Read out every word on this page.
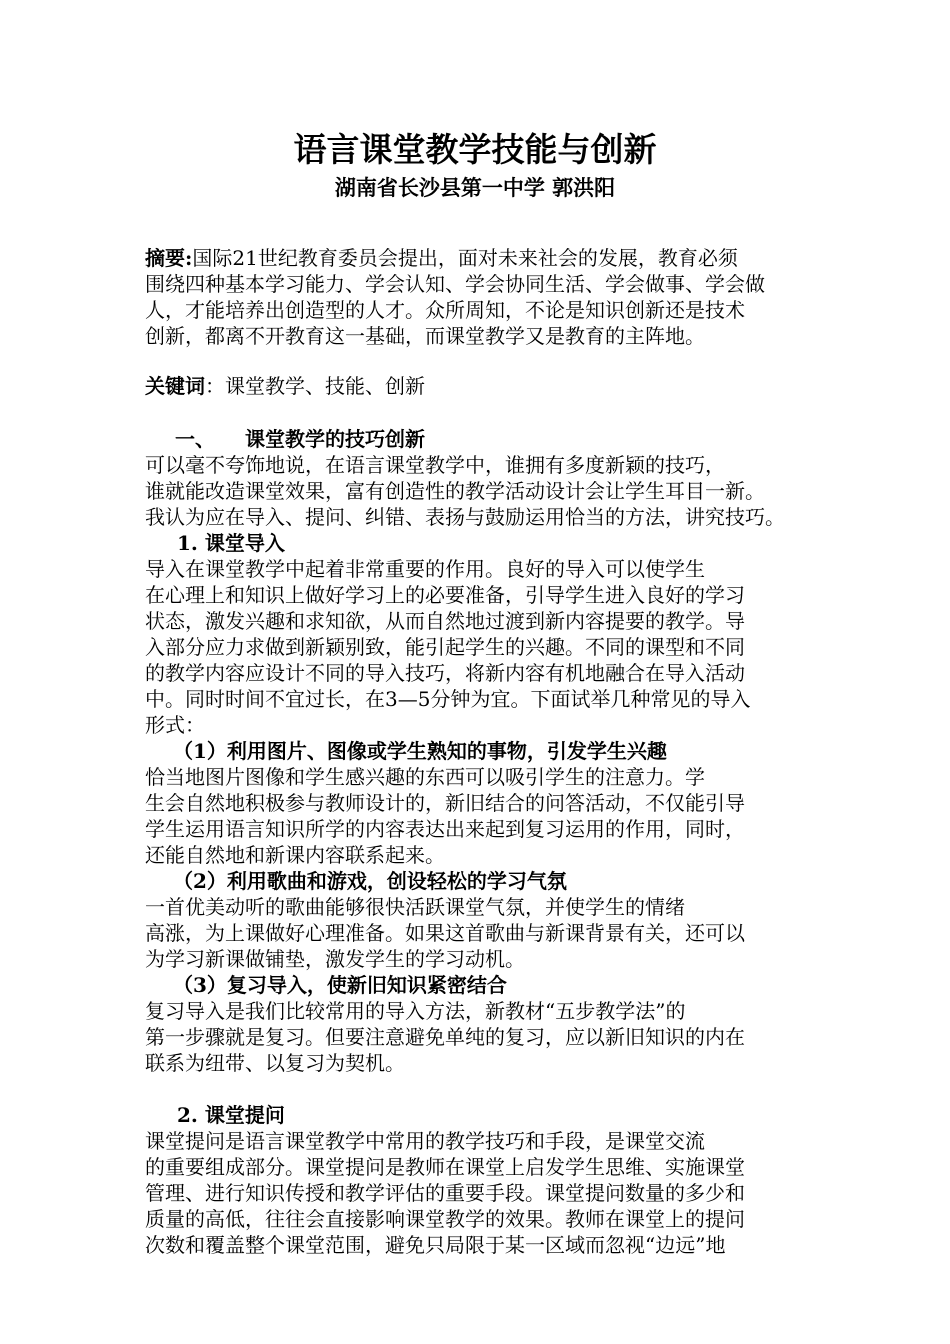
语言课堂教学技能与创新
湖南省长沙县第一中学 郭洪阳
摘要:国际21世纪教育委员会提出，面对未来社会的发展，教育必须
围绕四种基本学习能力、学会认知、学会协同生活、学会做事、学会做
人，才能培养出创造型的人才。众所周知，不论是知识创新还是技术
创新，都离不开教育这一基础，而课堂教学又是教育的主阵地。
关键词：课堂教学、技能、创新
一、 课堂教学的技巧创新
可以毫不夸饰地说，在语言课堂教学中，谁拥有多度新颖的技巧，
谁就能改造课堂效果，富有创造性的教学活动设计会让学生耳目一新。
我认为应在导入、提问、纠错、表扬与鼓励运用恰当的方法，讲究技巧。
1. 课堂导入
导入在课堂教学中起着非常重要的作用。良好的导入可以使学生
在心理上和知识上做好学习上的必要准备，引导学生进入良好的学习
状态，激发兴趣和求知欲，从而自然地过渡到新内容提要的教学。导
入部分应力求做到新颖别致，能引起学生的兴趣。不同的课型和不同
的教学内容应设计不同的导入技巧，将新内容有机地融合在导入活动
中。同时时间不宜过长，在3—5分钟为宜。下面试举几种常见的导入
形式：
（1）利用图片、图像或学生熟知的事物，引发学生兴趣
恰当地图片图像和学生感兴趣的东西可以吸引学生的注意力。学
生会自然地积极参与教师设计的，新旧结合的问答活动，不仅能引导
学生运用语言知识所学的内容表达出来起到复习运用的作用，同时，
还能自然地和新课内容联系起来。
（2）利用歌曲和游戏，创设轻松的学习气氛
一首优美动听的歌曲能够很快活跃课堂气氛，并使学生的情绪
高涨，为上课做好心理准备。如果这首歌曲与新课背景有关，还可以
为学习新课做铺垫，激发学生的学习动机。
（3）复习导入，使新旧知识紧密结合
复习导入是我们比较常用的导入方法，新教材“五步教学法”的
第一步骤就是复习。但要注意避免单纯的复习，应以新旧知识的内在
联系为纽带、以复习为契机。
2. 课堂提问
课堂提问是语言课堂教学中常用的教学技巧和手段，是课堂交流
的重要组成部分。课堂提问是教师在课堂上启发学生思维、实施课堂
管理、进行知识传授和教学评估的重要手段。课堂提问数量的多少和
质量的高低，往往会直接影响课堂教学的效果。教师在课堂上的提问
次数和覆盖整个课堂范围，避免只局限于某一区域而忽视“边远”地
